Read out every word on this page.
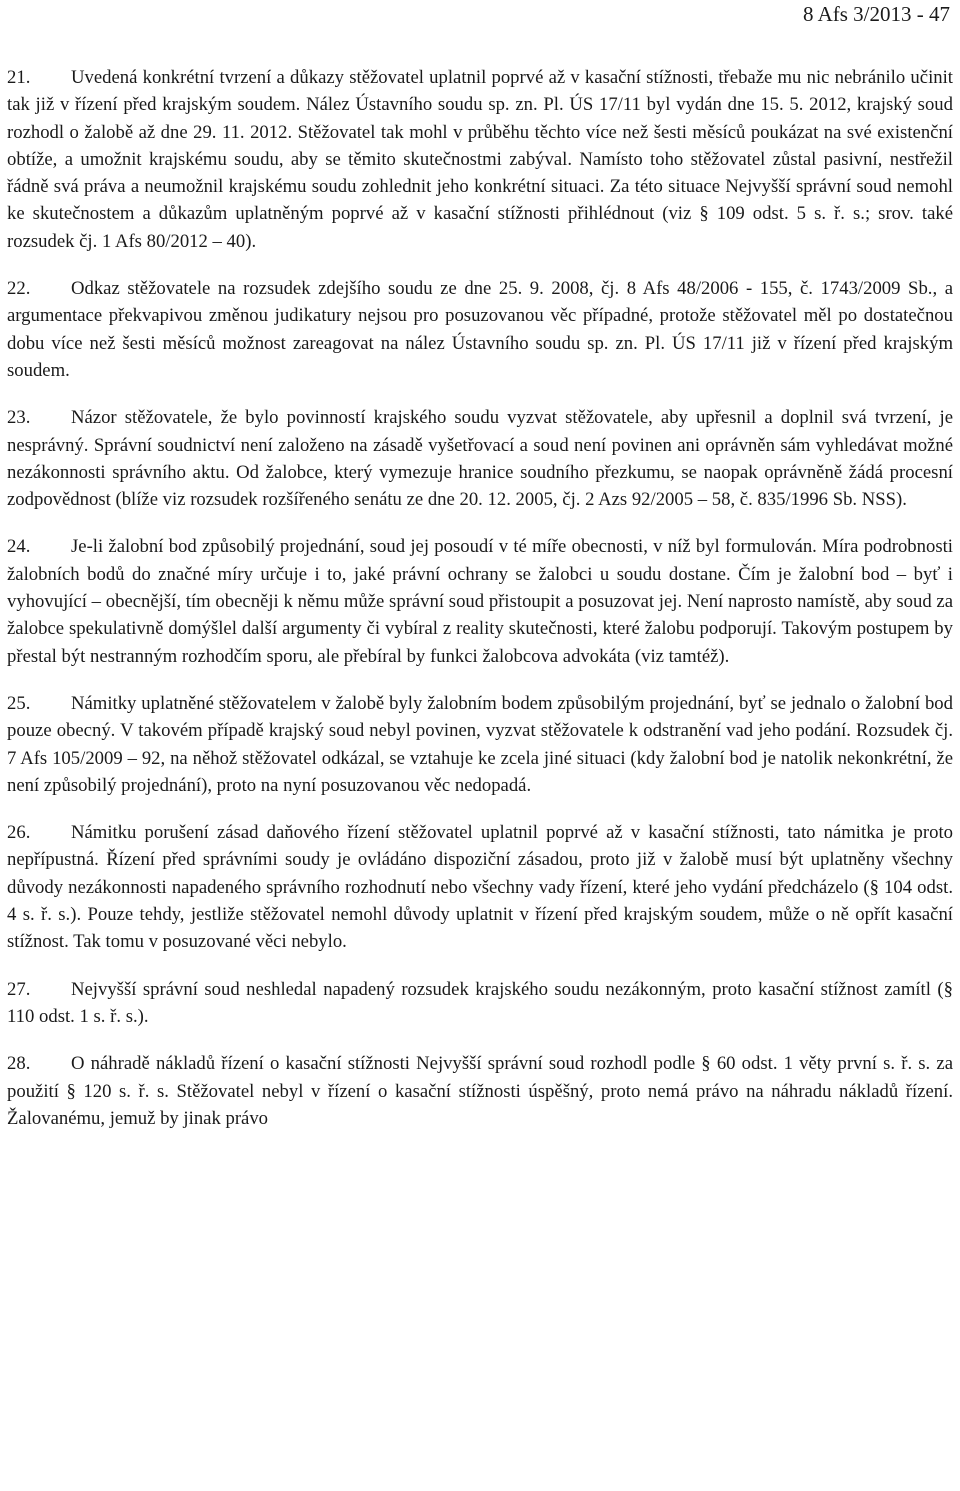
8 Afs 3/2013 - 47

21. Uvedená konkrétní tvrzení a důkazy stěžovatel uplatnil poprvé až v kasační stížnosti, třebaže mu nic nebránilo učinit tak již v řízení před krajským soudem. Nález Ústavního soudu sp. zn. Pl. ÚS 17/11 byl vydán dne 15. 5. 2012, krajský soud rozhodl o žalobě až dne 29. 11. 2012. Stěžovatel tak mohl v průběhu těchto více než šesti měsíců poukázat na své existenční obtíže, a umožnit krajskému soudu, aby se těmito skutečnostmi zabýval. Namísto toho stěžovatel zůstal pasivní, nestřežil řádně svá práva a neumožnil krajskému soudu zohlednit jeho konkrétní situaci. Za této situace Nejvyšší správní soud nemohl ke skutečnostem a důkazům uplatněným poprvé až v kasační stížnosti přihlédnout (viz § 109 odst. 5 s. ř. s.; srov. také rozsudek čj. 1 Afs 80/2012 – 40).

22. Odkaz stěžovatele na rozsudek zdejšího soudu ze dne 25. 9. 2008, čj. 8 Afs 48/2006 - 155, č. 1743/2009 Sb., a argumentace překvapivou změnou judikatury nejsou pro posuzovanou věc případné, protože stěžovatel měl po dostatečnou dobu více než šesti měsíců možnost zareagovat na nález Ústavního soudu sp. zn. Pl. ÚS 17/11 již v řízení před krajským soudem.

23. Názor stěžovatele, že bylo povinností krajského soudu vyzvat stěžovatele, aby upřesnil a doplnil svá tvrzení, je nesprávný. Správní soudnictví není založeno na zásadě vyšetřovací a soud není povinen ani oprávněn sám vyhledávat možné nezákonnosti správního aktu. Od žalobce, který vymezuje hranice soudního přezkumu, se naopak oprávněně žádá procesní zodpovědnost (blíže viz rozsudek rozšířeného senátu ze dne 20. 12. 2005, čj. 2 Azs 92/2005 – 58, č. 835/1996 Sb. NSS).

24. Je-li žalobní bod způsobilý projednání, soud jej posoudí v té míře obecnosti, v níž byl formulován. Míra podrobnosti žalobních bodů do značné míry určuje i to, jaké právní ochrany se žalobci u soudu dostane. Čím je žalobní bod – byť i vyhovující – obecnější, tím obecněji k němu může správní soud přistoupit a posuzovat jej. Není naprosto namístě, aby soud za žalobce spekulativně domýšlel další argumenty či vybíral z reality skutečnosti, které žalobu podporují. Takovým postupem by přestal být nestranným rozhodčím sporu, ale přebíral by funkci žalobcova advokáta (viz tamtéž).

25. Námitky uplatněné stěžovatelem v žalobě byly žalobním bodem způsobilým projednání, byť se jednalo o žalobní bod pouze obecný. V takovém případě krajský soud nebyl povinen, vyzvat stěžovatele k odstranění vad jeho podání. Rozsudek čj. 7 Afs 105/2009 – 92, na něhož stěžovatel odkázal, se vztahuje ke zcela jiné situaci (kdy žalobní bod je natolik nekonkrétní, že není způsobilý projednání), proto na nyní posuzovanou věc nedopadá.

26. Námitku porušení zásad daňového řízení stěžovatel uplatnil poprvé až v kasační stížnosti, tato námitka je proto nepřípustná. Řízení před správními soudy je ovládáno dispoziční zásadou, proto již v žalobě musí být uplatněny všechny důvody nezákonnosti napadeného správního rozhodnutí nebo všechny vady řízení, které jeho vydání předcházelo (§ 104 odst. 4 s. ř. s.). Pouze tehdy, jestliže stěžovatel nemohl důvody uplatnit v řízení před krajským soudem, může o ně opřít kasační stížnost. Tak tomu v posuzované věci nebylo.

27. Nejvyšší správní soud neshledal napadený rozsudek krajského soudu nezákonným, proto kasační stížnost zamítl (§ 110 odst. 1 s. ř. s.).

28. O náhradě nákladů řízení o kasační stížnosti Nejvyšší správní soud rozhodl podle § 60 odst. 1 věty první s. ř. s. za použití § 120 s. ř. s. Stěžovatel nebyl v řízení o kasační stížnosti úspěšný, proto nemá právo na náhradu nákladů řízení. Žalovanému, jemuž by jinak právo
